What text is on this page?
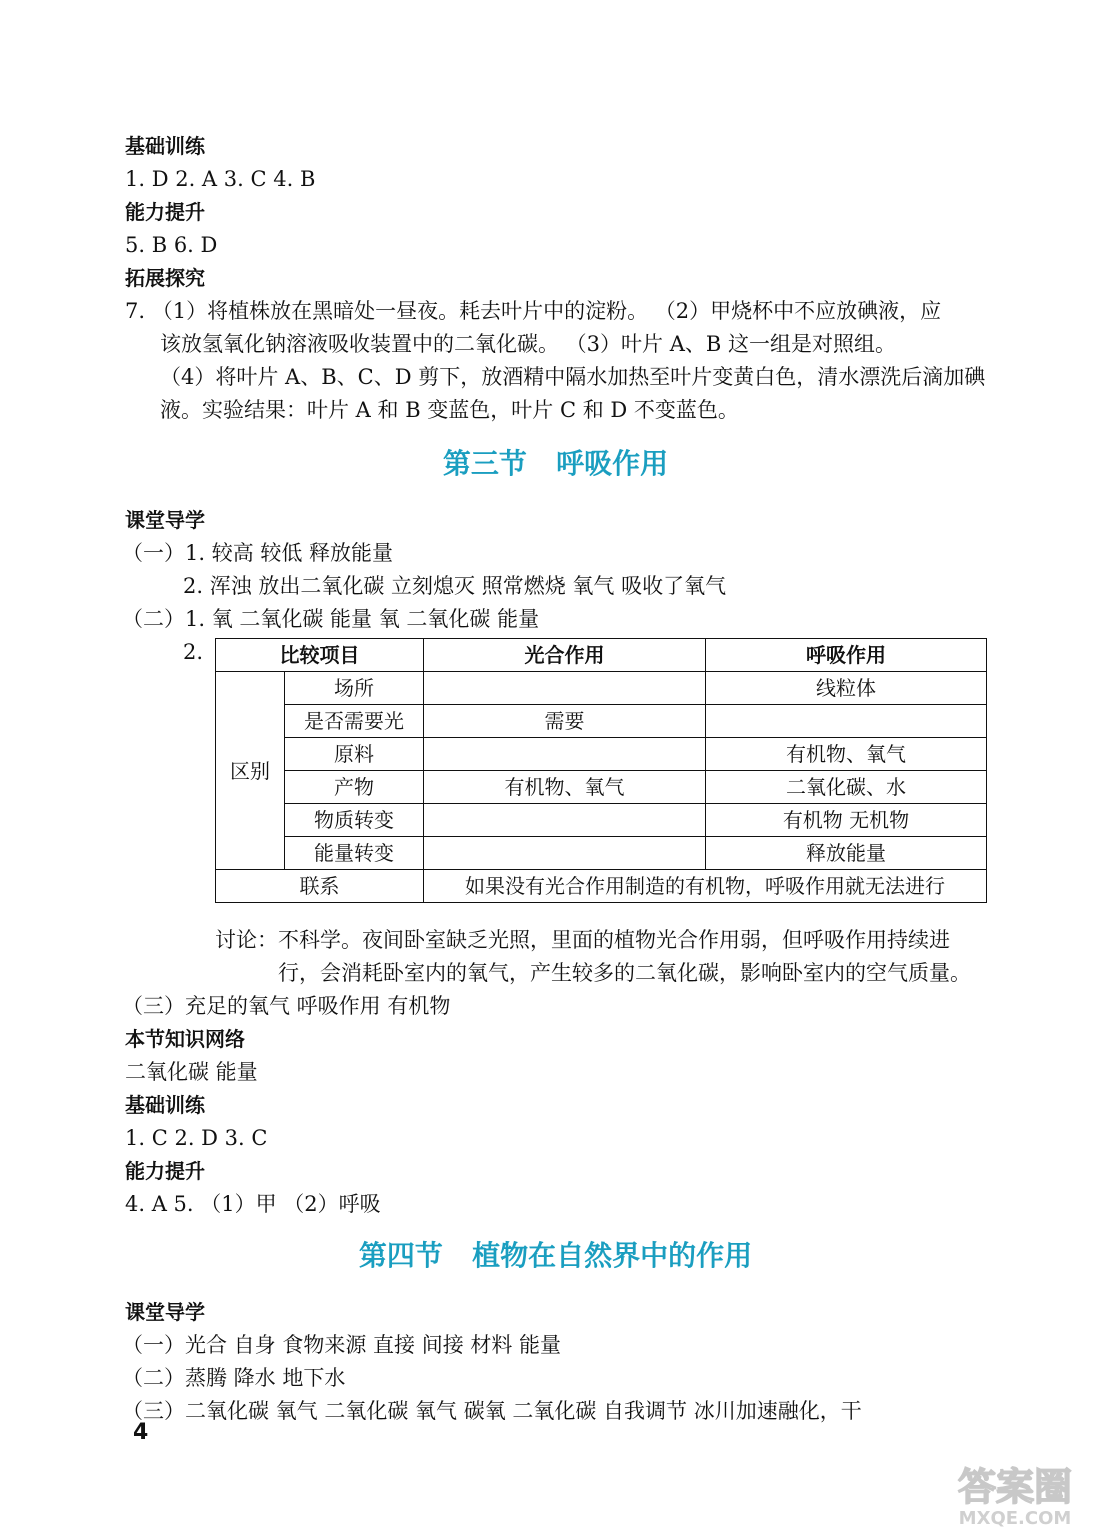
基础训练
1. D 2. A 3. C 4. B
能力提升
5. B 6. D
拓展探究
7. （1）将植株放在黑暗处一昼夜。耗去叶片中的淀粉。 （2）甲烧杯中不应放碘液，应
该放氢氧化钠溶液吸收装置中的二氧化碳。 （3）叶片 A、B 这一组是对照组。
（4）将叶片 A、B、C、D 剪下，放酒精中隔水加热至叶片变黄白色，清水漂洗后滴加碘
液。实验结果：叶片 A 和 B 变蓝色，叶片 C 和 D 不变蓝色。
第三节   呼吸作用
课堂导学
（一）1. 较高 较低 释放能量
2. 浑浊 放出二氧化碳 立刻熄灭 照常燃烧 氧气 吸收了氧气
（二）1. 氧 二氧化碳 能量 氧 二氧化碳 能量
2.	比较项目		光合作用	呼吸作用
区别	场所		线粒体
	是否需要光	需要	
	原料		有机物、氧气
	产物	有机物、氧气	二氧化碳、水
	物质转变		有机物 无机物
	能量转变		释放能量
联系		如果没有光合作用制造的有机物，呼吸作用就无法进行	
讨论：不科学。夜间卧室缺乏光照，里面的植物光合作用弱，但呼吸作用持续进
行，会消耗卧室内的氧气，产生较多的二氧化碳，影响卧室内的空气质量。
（三）充足的氧气 呼吸作用 有机物
本节知识网络
二氧化碳 能量
基础训练
1. C 2. D 3. C
能力提升
4. A 5. （1）甲 （2）呼吸
第四节   植物在自然界中的作用
课堂导学
（一）光合 自身 食物来源 直接 间接 材料 能量
（二）蒸腾 降水 地下水
（三）二氧化碳 氧气 二氧化碳 氧气 碳氧 二氧化碳 自我调节 冰川加速融化，干
4
答案圈
MXQE.COM
